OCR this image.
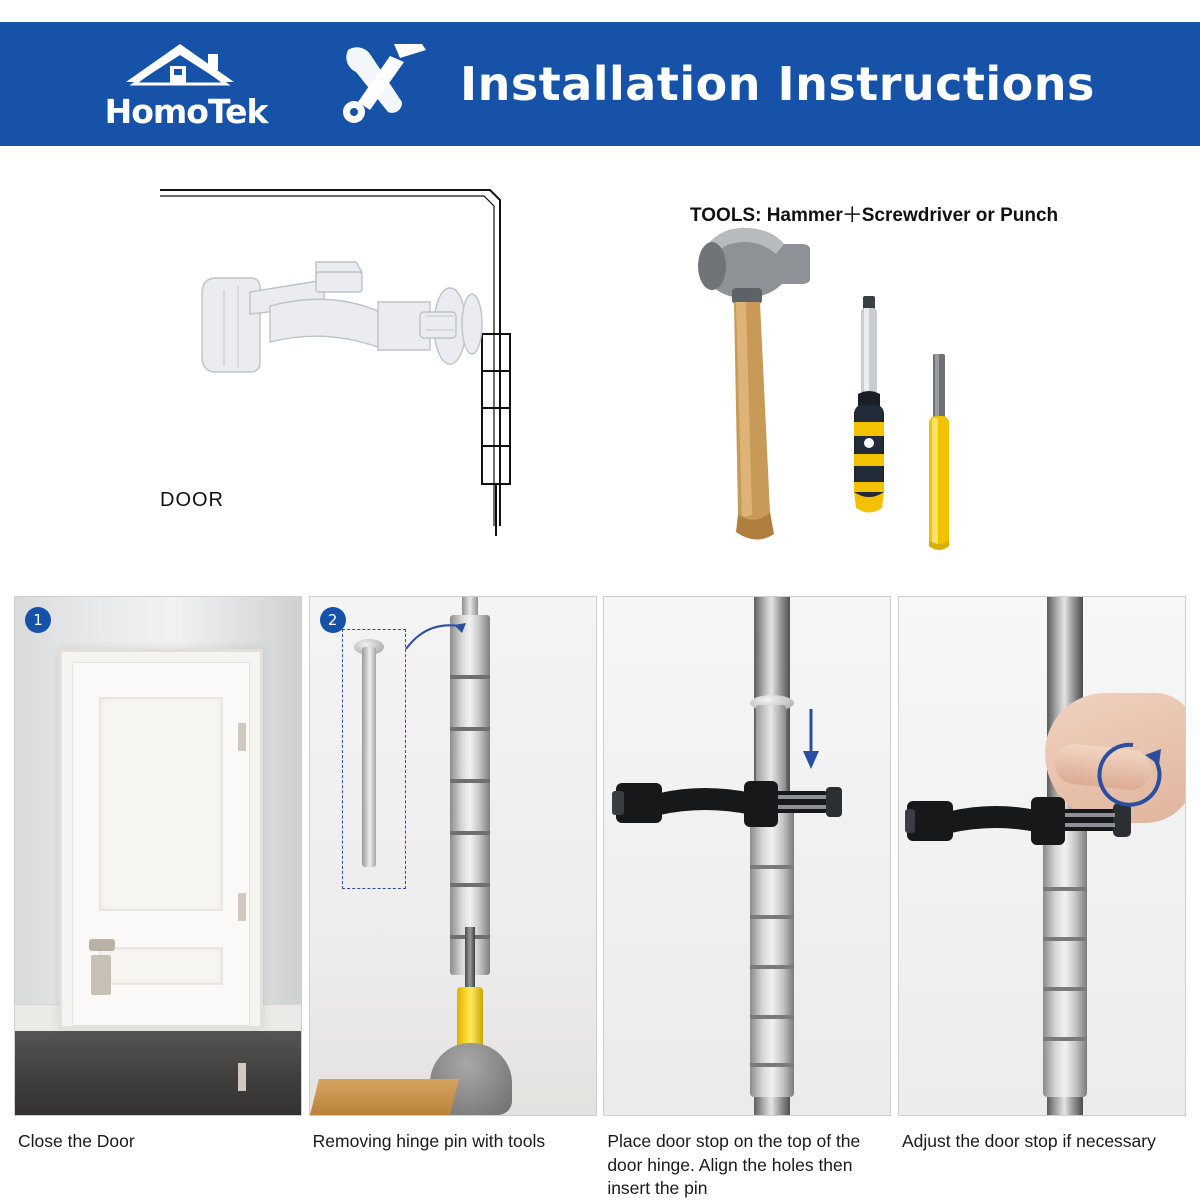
HomoTek
Installation Instructions
DOOR
TOOLS: Hammer＋Screwdriver or Punch
1
Close the Door
2
Removing hinge pin with tools	Place door stop on the top of the door hinge. Align the holes then insert the pin
Adjust the door stop if necessary
